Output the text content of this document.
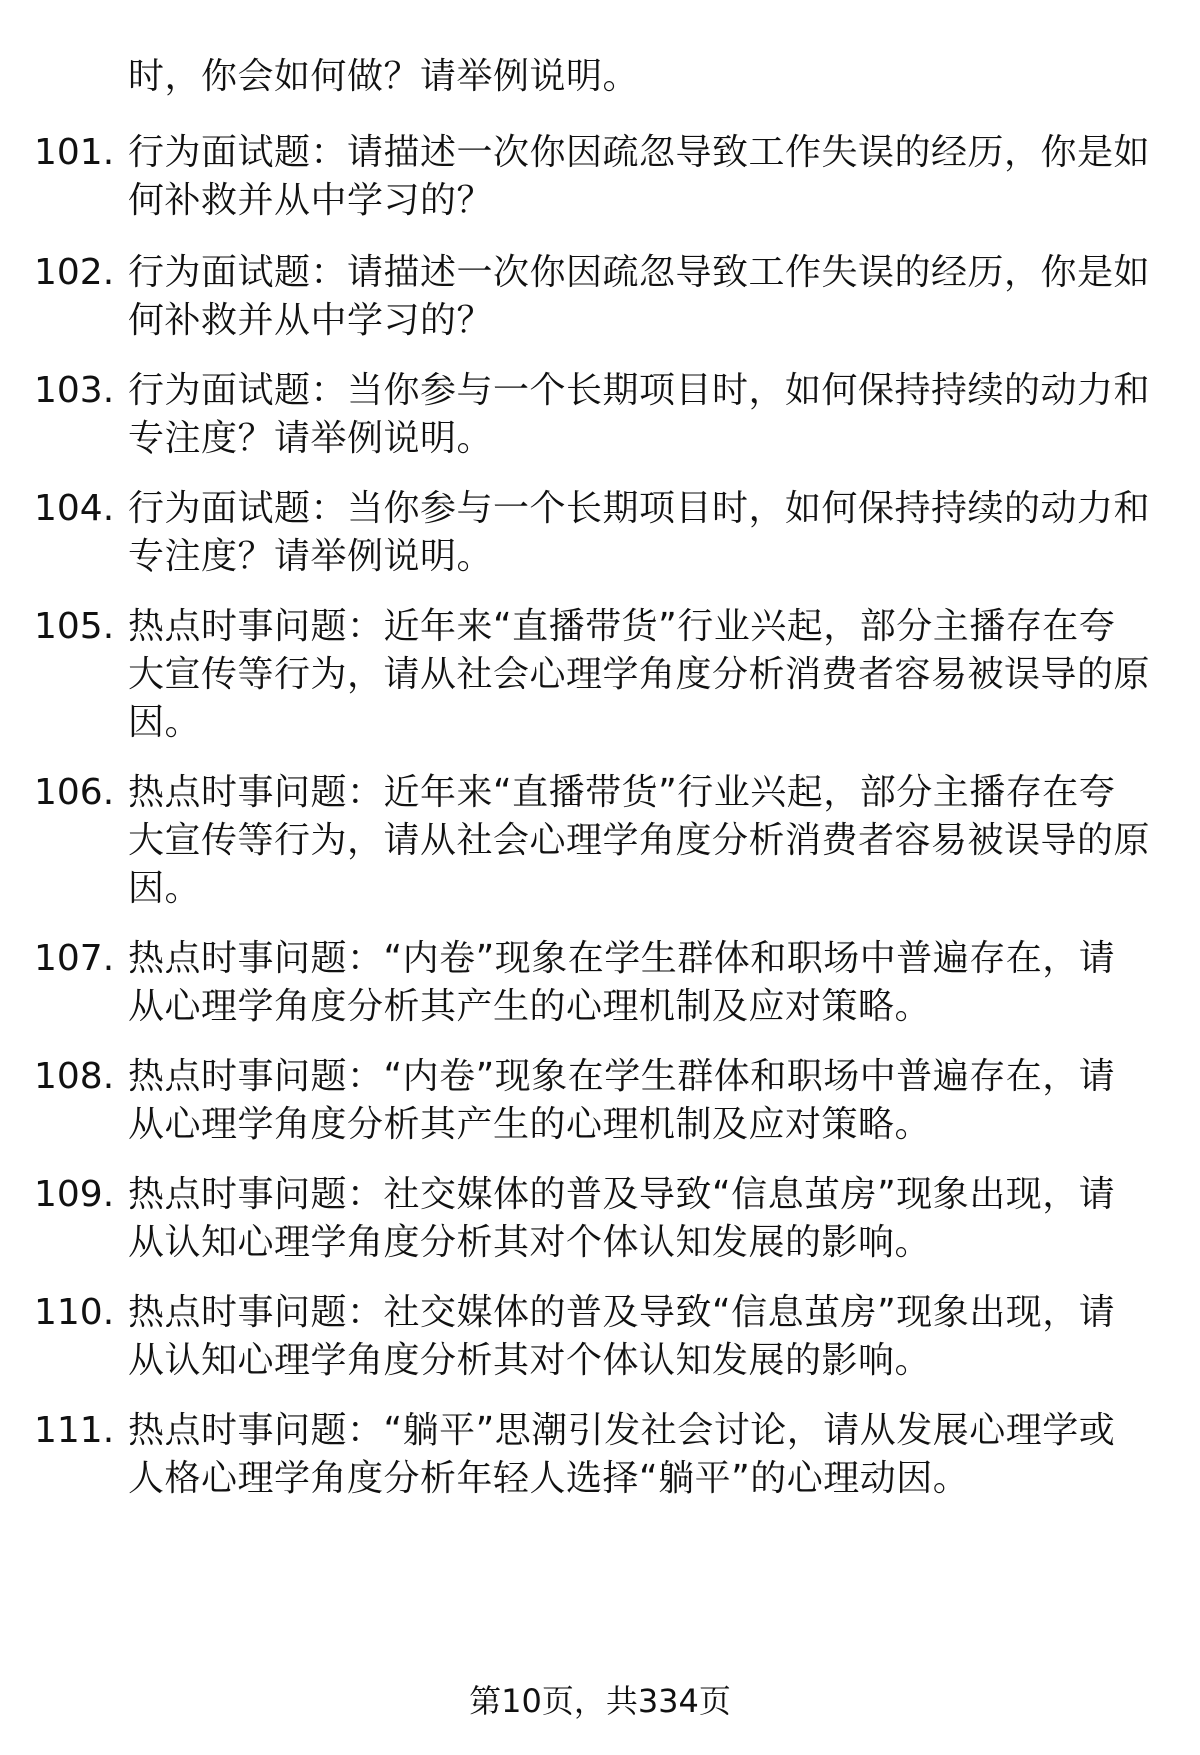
时，你会如何做？请举例说明。
101. 行为面试题：请描述一次你因疏忽导致工作失误的经历，你是如
何补救并从中学习的？
102. 行为面试题：请描述一次你因疏忽导致工作失误的经历，你是如
何补救并从中学习的？
103. 行为面试题：当你参与一个长期项目时，如何保持持续的动力和
专注度？请举例说明。
104. 行为面试题：当你参与一个长期项目时，如何保持持续的动力和
专注度？请举例说明。
105. 热点时事问题：近年来“直播带货”行业兴起，部分主播存在夸
大宣传等行为，请从社会心理学角度分析消费者容易被误导的原
因。
106. 热点时事问题：近年来“直播带货”行业兴起，部分主播存在夸
大宣传等行为，请从社会心理学角度分析消费者容易被误导的原
因。
107. 热点时事问题：“内卷”现象在学生群体和职场中普遍存在，请
从心理学角度分析其产生的心理机制及应对策略。
108. 热点时事问题：“内卷”现象在学生群体和职场中普遍存在，请
从心理学角度分析其产生的心理机制及应对策略。
109. 热点时事问题：社交媒体的普及导致“信息茧房”现象出现，请
从认知心理学角度分析其对个体认知发展的影响。
110. 热点时事问题：社交媒体的普及导致“信息茧房”现象出现，请
从认知心理学角度分析其对个体认知发展的影响。
111. 热点时事问题：“躺平”思潮引发社会讨论，请从发展心理学或
人格心理学角度分析年轻人选择“躺平”的心理动因。
第10页，共334页
